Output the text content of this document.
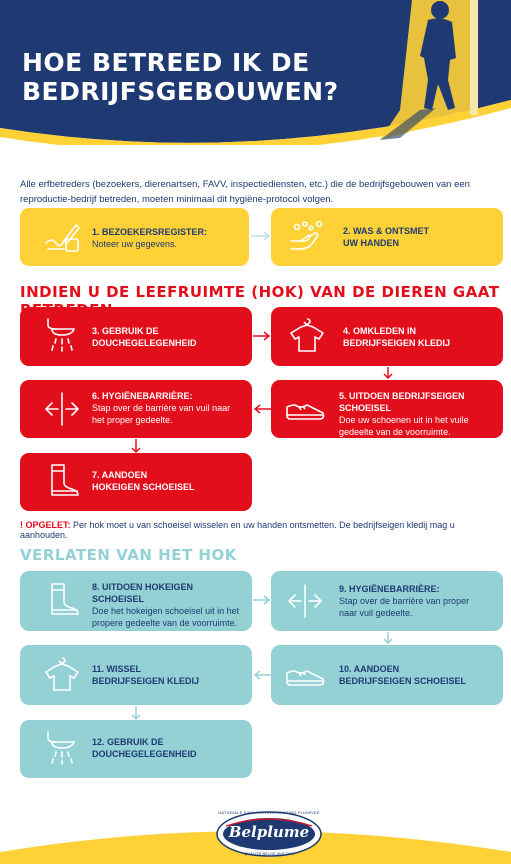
HOE BETREED IK DE
BEDRIJFSGEBOUWEN?
Alle erfbetreders (bezoekers, dierenartsen, FAVV, inspectiediensten, etc.) die de bedrijfsgebouwen van een reproductie-bedrijf betreden, moeten minimaal dit hygiëne-protocol volgen.
1. BEZOEKERSREGISTER:
Noteer uw gegevens.
2. WAS & ONTSMET
UW HANDEN
INDIEN U DE LEEFRUIMTE (HOK) VAN DE DIEREN GAAT
3. GEBRUIK DE
DOUCHEGELEGENHEID
4. OMKLEDEN IN
BEDRIJFSEIGEN KLEDIJ
6. HYGIËNEBARRIÈRE:
Stap over de barrière van vuil naar het proper gedeelte.
5. UITDOEN BEDRIJFSEIGEN SCHOEISEL
Doe uw schoenen uit in het vuile gedeelte van de voorruimte.
7. AANDOEN
HOKEIGEN SCHOEISEL
! OPGELET: Per hok moet u van schoeisel wisselen en uw handen ontsmetten. De bedrijfseigen kledij mag u aanhouden.
VERLATEN VAN HET HOK
8. UITDOEN HOKEIGEN SCHOEISEL
Doe het hokeigen schoeisel uit in het propere gedeelte van de voorruimte.
9. HYGIËNEBARRIÈRE:
Stap over de barrière van proper naar vuil gedeelte.
11. WISSEL
BEDRIJFSEIGEN KLEDIJ
10. AANDOEN
BEDRIJFSEIGEN SCHOEISEL
12. GEBRUIK DE
DOUCHEGELEGENHEID
NATIONALE KWALITEITSVERENIGING PLUIMVEE
Belplume
QUALITÉ BELGE AVICOLE
